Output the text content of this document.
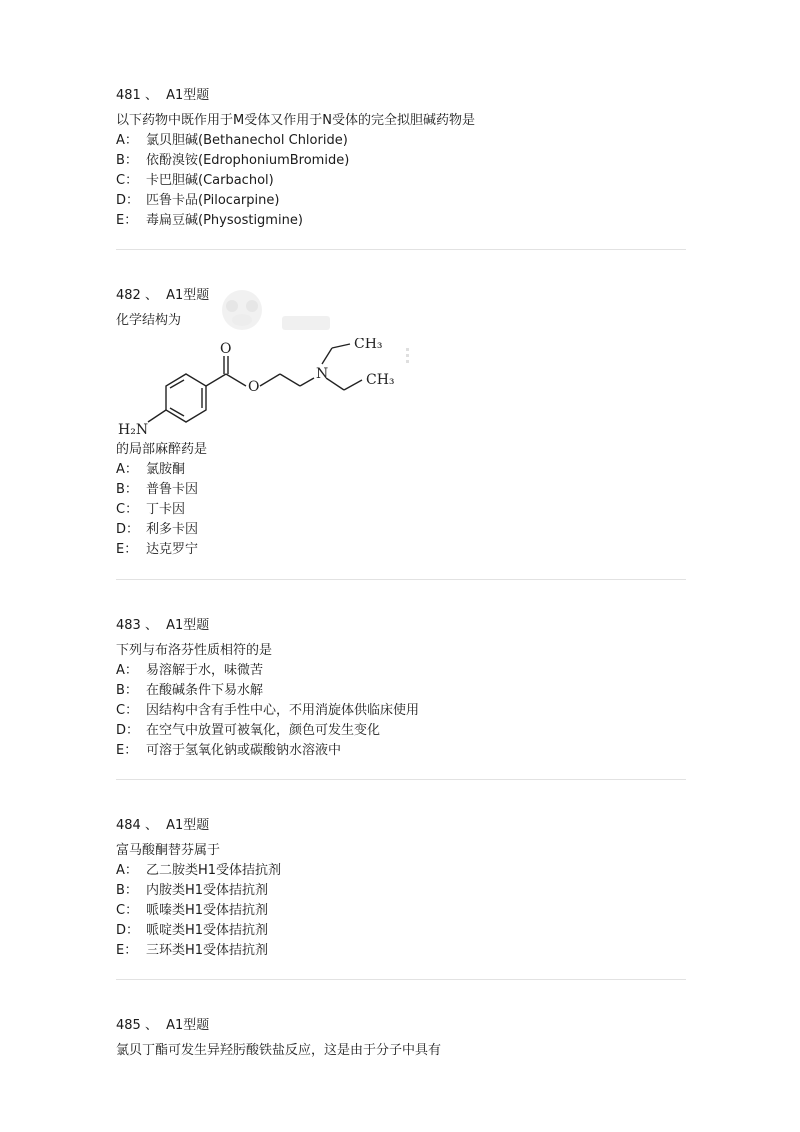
481 、 A1型题
以下药物中既作用于M受体又作用于N受体的完全拟胆碱药物是
A： 氯贝胆碱(Bethanechol Chloride)
B： 依酚溴铵(EdrophoniumBromide)
C： 卡巴胆碱(Carbachol)
D： 匹鲁卡品(Pilocarpine)
E： 毒扁豆碱(Physostigmine)
482 、 A1型题
化学结构为
O
O
N
H₂N
CH₃
CH₃
的局部麻醉药是
A： 氯胺酮
B： 普鲁卡因
C： 丁卡因
D： 利多卡因
E： 达克罗宁
483 、 A1型题
下列与布洛芬性质相符的是
A： 易溶解于水，味微苦
B： 在酸碱条件下易水解
C： 因结构中含有手性中心，不用消旋体供临床使用
D： 在空气中放置可被氧化，颜色可发生变化
E： 可溶于氢氧化钠或碳酸钠水溶液中
484 、 A1型题
富马酸酮替芬属于
A： 乙二胺类H1受体拮抗剂
B： 内胺类H1受体拮抗剂
C： 哌嗪类H1受体拮抗剂
D： 哌啶类H1受体拮抗剂
E： 三环类H1受体拮抗剂
485 、 A1型题
氯贝丁酯可发生异羟肟酸铁盐反应，这是由于分子中具有
